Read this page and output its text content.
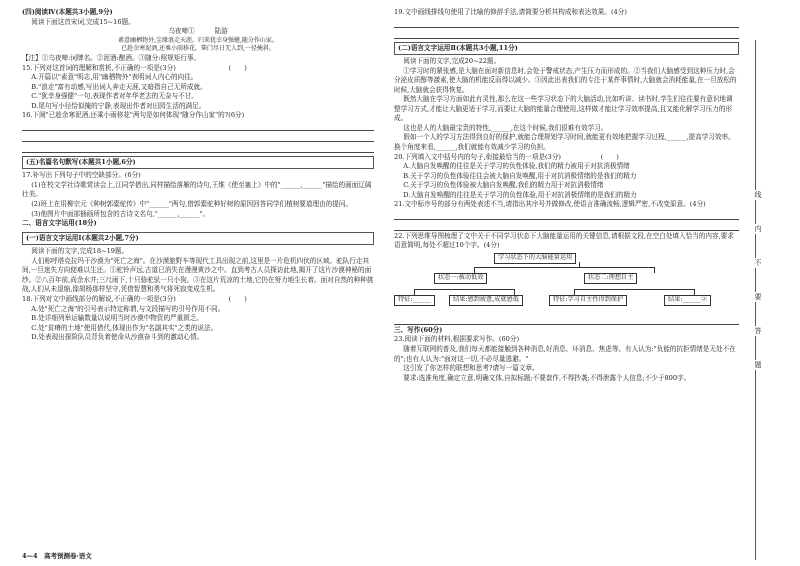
(四)阅读Ⅳ(本题共3小题,9分)

阅读下面这首宋词,完成15~16题。

乌夜啼①　　　陆游

素意幽栖物外,尘缘浪走天涯。归来犹幸身强健,随分作山家。

已趁余寒泥酒,还乘小雨移花。柴门尽日无人到,一径掩斜。

【注】①乌夜啼:词牌名。②泥酒:酿酒。③随分:照规矩行事。

15.下列对这首词的理解和赏析,不正确的一项是(3分)　　　　　　　　(　　)

A.开篇以"素意"明志,用"幽栖物外"表明词人内心的向往。

B."浪走"富有动感,写出词人奔走天涯,又暗指自己无所成就。

C."犹幸身强健"一句,表现作者对年华老去的无奈与不甘。

D.尾句写小径恰似掩的宁静,表现出作者对田园生活的满足。

16.下阕"已趁余寒泥酒,还乘小雨移花"两句是如何体现"随分作山家"的?(6分)

(五)名篇名句默写(本题共1小题,6分)

17.补写出下列句子中的空缺部分。(6分)

(1)在校文学社诗歌赏读会上,江同学借出,同样描绘落雁的诗句,王维《使至塞上》中的"______,______"描绘的画面辽阔壮美。

(2)班上在用柳宗元《种树郭橐驼传》中"______"两句,借郭橐驼种好树的原因回答同学们植树要道理由的提问。

(3)他图片中面部插画所包含的古诗文名句,"______,______"。

二、语言文字运用(18分)

(一)语言文字运用Ⅰ(本题共2小题,7分)

阅读下面的文字,完成18~19题。

人们称呼塔克拉玛干沙漠为"死亡之海"。在沙漠旅野车等现代工具出现之前,这里是一片危机四伏的区域。驼队行走其间,一旦迷失方向便难以生还。①驼铃声远,古道已消失在漫漫黄沙之中。直到考古人员探访此地,揭开了这片沙漠神秘的面纱。②八百年前,尚余水井;三尺雨下,十只骆驼驮一只小狗。③在这片荒凉的土地,它仍在努力地生长着。面对自然的种种挑战,人们从未退缩,像胡杨那样坚守,凭借智慧和勇气将死寂变成生机。

18.下列对文中画线部分的解说,不正确的一项是(3分)　　　　　　　　(　　)

A.处"死亡之海"的引号表示特定称谓,与文段描写的引号作用不同。

B.处详细列举运输数量以说明当时沙漠中物资的严重匮乏。

C.处"贫瘠的土地"使用借代,体现出作为"名副其实"之类的说法。

D.处表现出探险队员背负着使命从沙漠奋斗到的激动心情。

19.文中画线排线句使用了比喻的修辞手法,请简要分析其构成和表达效果。(4分)

(二)语言文字运用Ⅱ(本题共3小题,11分)

阅读下面的文字,完成20~22题。

①学习时的紧张感,是大脑在面对新信息时,会处于警戒状态,产生压力而形成的。②当我们大脑感受到这种压力时,会分泌皮质醇等激素,使大脑的机能反而得以减少。③因此出表我们的专注于某件事情时,大脑就会消耗能量,在一旦放松的时候,大脑就会获得恢复。

既然大脑在学习方面如此有灵性,那么在这一些学习状态下的大脑活动,比如听讲、读书时,学生们往往要有意识地调整学习方式,才能让大脑更适于学习,而要让大脑的能量合理使用,这样做才能让学习效率提高,且又能化解学习压力的形成。

这也是人的大脑最宝贵的特性,______,在这个时候,我们很难有效学习。

假如一个人的学习方法得到良好的保护,就能合理规划学习时间,就能更有效地把握学习过程,______,提高学习效率。换个角度来看,______,我们就能有效减少学习的负担。

20.下列填入文中括号内的句子,衔接最恰当的一项是(3分)　　　　　　(　　)

A.大脑自发唤醒的往往是关于学习的负性体验,我们的精力被用于对抗消极情绪

B.关于学习的负性体验往往会被大脑自发唤醒,用于对抗消极情绪的是我们的精力

C.关于学习的负性体验被大脑自发唤醒,我们的精力用于对抗消极情绪

D.大脑自发唤醒的往往是关于学习的负性体验,用于对抗消极情绪的是我们的精力

21.文中标序号的部分有两处表述不当,请指出其序号并做修改,使语言准确流畅,逻辑严密,不改变原意。(4分)

22.下列思维导图梳理了文中关于不同学习状态下大脑能量运用的关键信息,请根据文段,在空白处填入恰当的内容,要求语意简明,每处不超过10个字。(4分)

学习状态下的大脑能量运用
状态一:被动低效	状态二:理想自主
特征:______	结果:感到疲惫,成就感低	特征:学习自主性得到保护	结果:______②

三、写作(60分)

23.阅读下面的材料,根据要求写作。(60分)

随着互联网的普及,我们每天都能接触到各种消息,好消息、坏消息、焦虑等。有人认为:"负能的抗拒情绪是无处不在的";也有人认为:"面对这一切,不必尽量逃避。"

这引发了你怎样的联想和思考?请写一篇文章。

要求:选准角度,确定立意,明确文体,自拟标题;不要套作,不得抄袭;不得泄露个人信息;不少于800字。

线
内
不
要
答
题
4—4　高考预测卷·语文
